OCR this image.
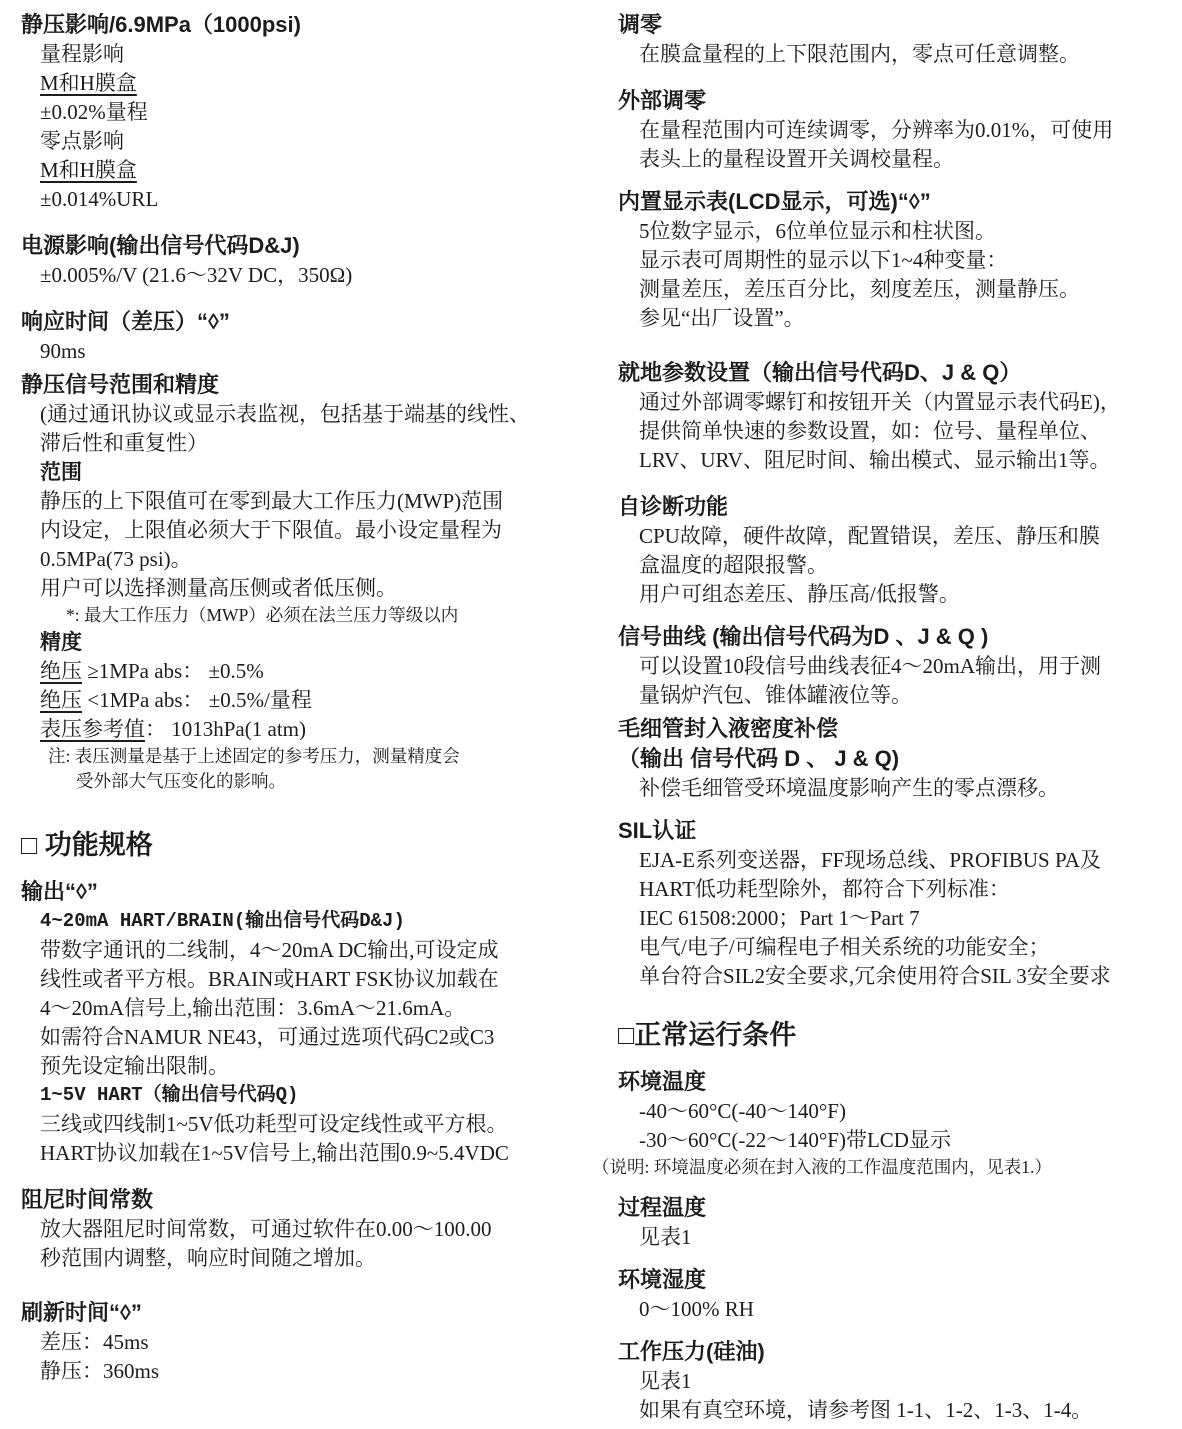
静压影响/6.9MPa（1000psi)
量程影响
M和H膜盒
±0.02%量程
零点影响
M和H膜盒
±0.014%URL
电源影响(输出信号代码D&J)
±0.005%/V (21.6～32V DC，350Ω)
响应时间（差压）“◊”
90ms
静压信号范围和精度
(通过通讯协议或显示表监视，包括基于端基的线性、
滞后性和重复性）
范围
静压的上下限值可在零到最大工作压力(MWP)范围
内设定，上限值必须大于下限值。最小设定量程为
0.5MPa(73 psi)。
用户可以选择测量高压侧或者低压侧。
*: 最大工作压力（MWP）必须在法兰压力等级以内
精度
绝压 ≥1MPa abs： ±0.5%
绝压 <1MPa abs： ±0.5%/量程
表压参考值： 1013hPa(1 atm)
注: 表压测量是基于上述固定的参考压力，测量精度会
受外部大气压变化的影响。
□ 功能规格
输出“◊”
4~20mA HART/BRAIN(输出信号代码D&J)
带数字通讯的二线制，4～20mA DC输出,可设定成
线性或者平方根。BRAIN或HART FSK协议加载在
4～20mA信号上,输出范围：3.6mA～21.6mA。
如需符合NAMUR NE43，可通过选项代码C2或C3
预先设定输出限制。
1~5V HART（输出信号代码Q)
三线或四线制1~5V低功耗型可设定线性或平方根。
HART协议加载在1~5V信号上,输出范围0.9~5.4VDC
阻尼时间常数
放大器阻尼时间常数，可通过软件在0.00～100.00
秒范围内调整，响应时间随之增加。
刷新时间“◊”
差压：45ms
静压：360ms
调零
在膜盒量程的上下限范围内，零点可任意调整。
外部调零
在量程范围内可连续调零，分辨率为0.01%，可使用
表头上的量程设置开关调校量程。
内置显示表(LCD显示，可选)“◊”
5位数字显示，6位单位显示和柱状图。
显示表可周期性的显示以下1~4种变量：
测量差压，差压百分比，刻度差压，测量静压。
参见“出厂设置”。
就地参数设置（输出信号代码D、J & Q）
通过外部调零螺钉和按钮开关（内置显示表代码E)，
提供简单快速的参数设置，如：位号、量程单位、
LRV、URV、阻尼时间、输出模式、显示输出1等。
自诊断功能
CPU故障，硬件故障，配置错误，差压、静压和膜
盒温度的超限报警。
用户可组态差压、静压高/低报警。
信号曲线 (输出信号代码为D 、J & Q )
可以设置10段信号曲线表征4～20mA输出，用于测
量锅炉汽包、锥体罐液位等。
毛细管封入液密度补偿
（输出 信号代码 D 、 J & Q)
补偿毛细管受环境温度影响产生的零点漂移。
SIL认证
EJA-E系列变送器，FF现场总线、PROFIBUS PA及
HART低功耗型除外，都符合下列标准：
IEC 61508:2000；Part 1～Part 7
电气/电子/可编程电子相关系统的功能安全；
单台符合SIL2安全要求,冗余使用符合SIL 3安全要求
□正常运行条件
环境温度
-40～60°C(-40～140°F)
-30～60°C(-22～140°F)带LCD显示
（说明: 环境温度必须在封入液的工作温度范围内，见表1.）
过程温度
见表1
环境湿度
0～100% RH
工作压力(硅油)
见表1
如果有真空环境，请参考图 1-1、1-2、1-3、1-4。
